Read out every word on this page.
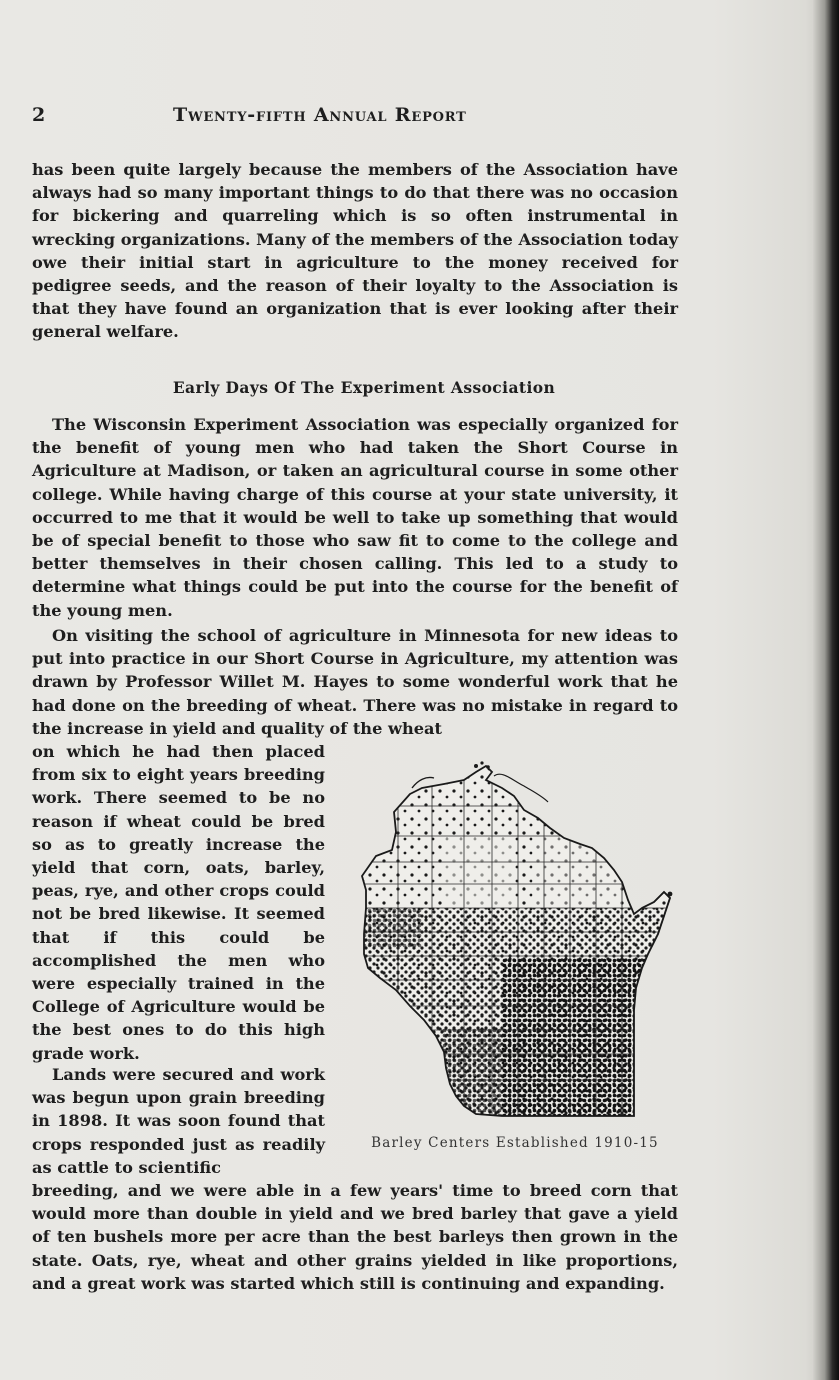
2	Twenty-fifth Annual Report

has been quite largely because the members of the Association have always had so many important things to do that there was no occasion for bickering and quarreling which is so often instrumental in wrecking organizations. Many of the members of the Association today owe their initial start in agriculture to the money received for pedigree seeds, and the reason of their loyalty to the Association is that they have found an organization that is ever looking after their general welfare.

Early Days Of The Experiment Association

The Wisconsin Experiment Association was especially organized for the benefit of young men who had taken the Short Course in Agriculture at Madison, or taken an agricultural course in some other college. While having charge of this course at your state university, it occurred to me that it would be well to take up something that would be of special benefit to those who saw fit to come to the college and better themselves in their chosen calling. This led to a study to determine what things could be put into the course for the benefit of the young men.

On visiting the school of agriculture in Minnesota for new ideas to put into practice in our Short Course in Agriculture, my attention was drawn by Professor Willet M. Hayes to some wonderful work that he had done on the breeding of wheat. There was no mistake in regard to the increase in yield and quality of the wheat

on which he had then placed from six to eight years breeding work. There seemed to be no reason if wheat could be bred so as to greatly increase the yield that corn, oats, barley, peas, rye, and other crops could not be bred likewise. It seemed that if this could be accomplished the men who were especially trained in the College of Agriculture would be the best ones to do this high grade work.

Lands were secured and work was begun upon grain breeding in 1898. It was soon found that crops responded just as readily as cattle to scientific

breeding, and we were able in a few years' time to breed corn that would more than double in yield and we bred barley that gave a yield of ten bushels more per acre than the best barleys then grown in the state. Oats, rye, wheat and other grains yielded in like proportions, and a great work was started which still is continuing and expanding.

Barley Centers Established 1910-15
